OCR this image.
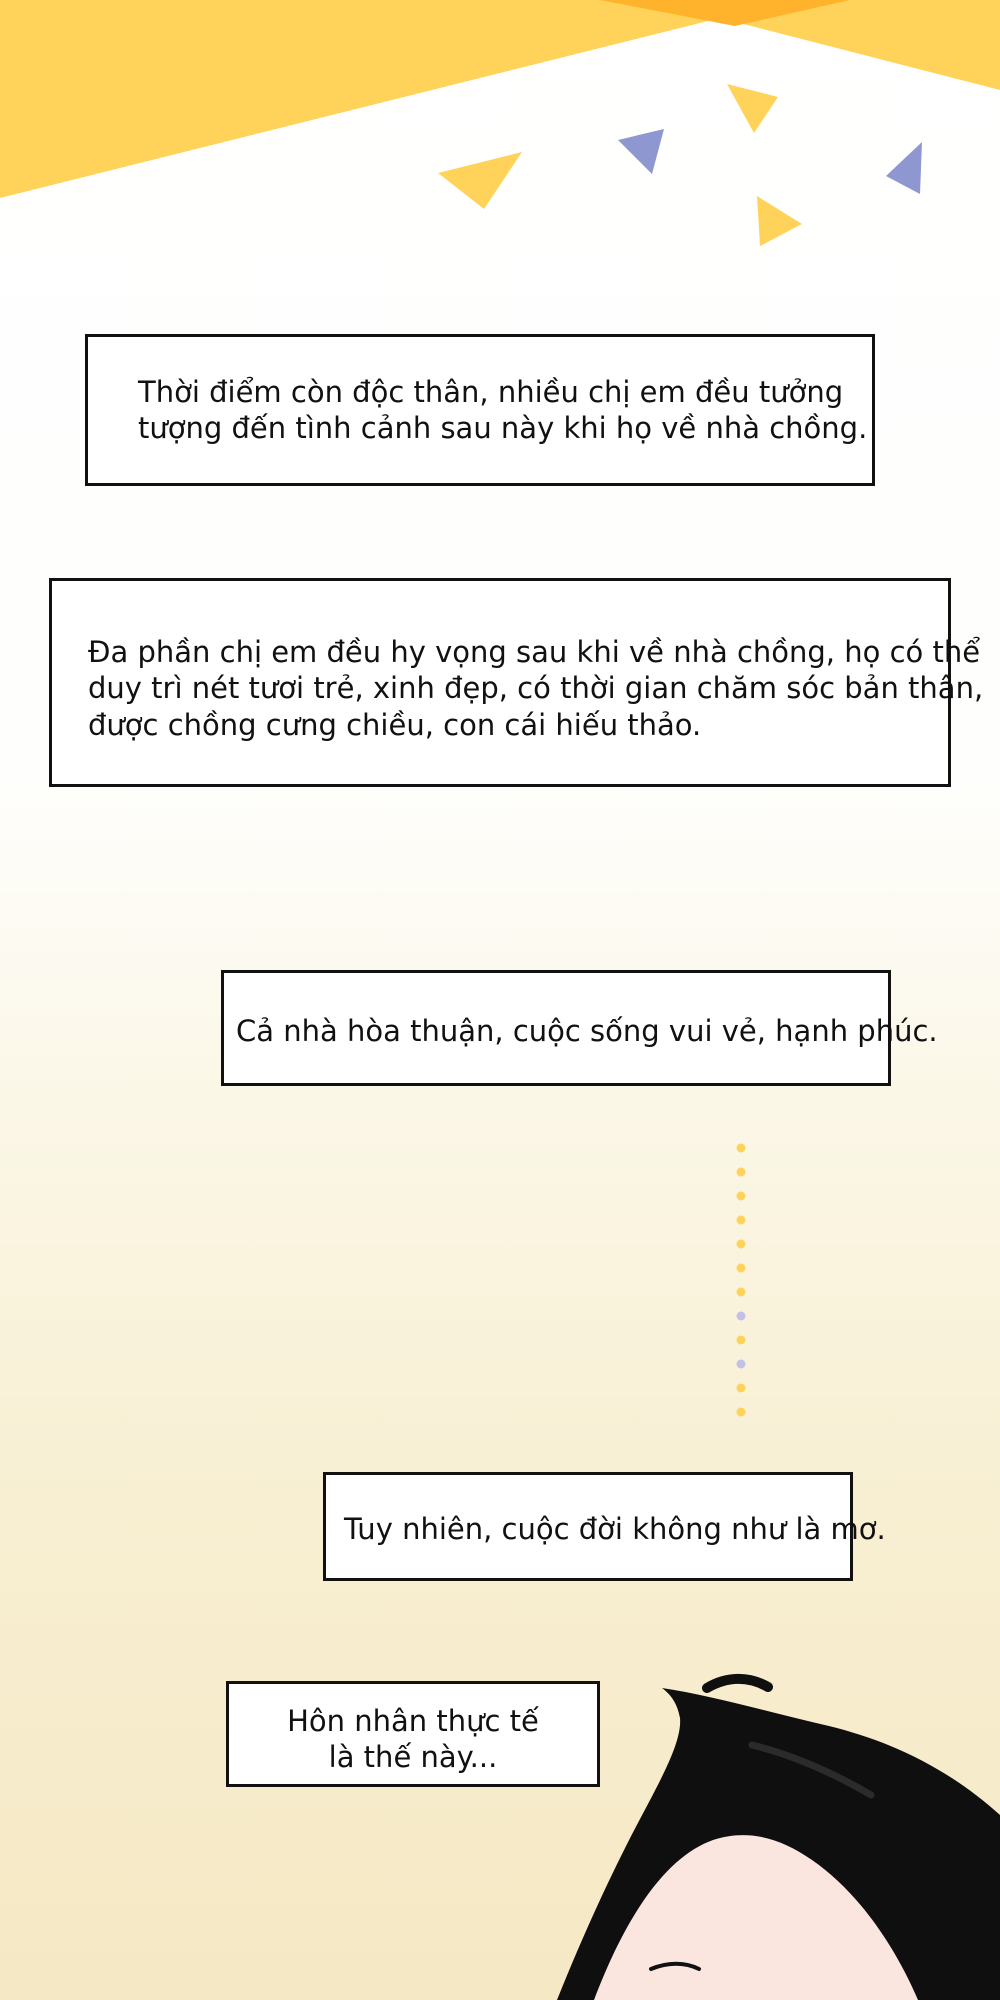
Thời điểm còn độc thân, nhiều chị em đều tưởng
tượng đến tình cảnh sau này khi họ về nhà chồng.
Đa phần chị em đều hy vọng sau khi về nhà chồng, họ có thể
duy trì nét tươi trẻ, xinh đẹp, có thời gian chăm sóc bản thân,
được chồng cưng chiều, con cái hiếu thảo.
Cả nhà hòa thuận, cuộc sống vui vẻ, hạnh phúc.
Tuy nhiên, cuộc đời không như là mơ.
Hôn nhân thực tế
là thế này...
